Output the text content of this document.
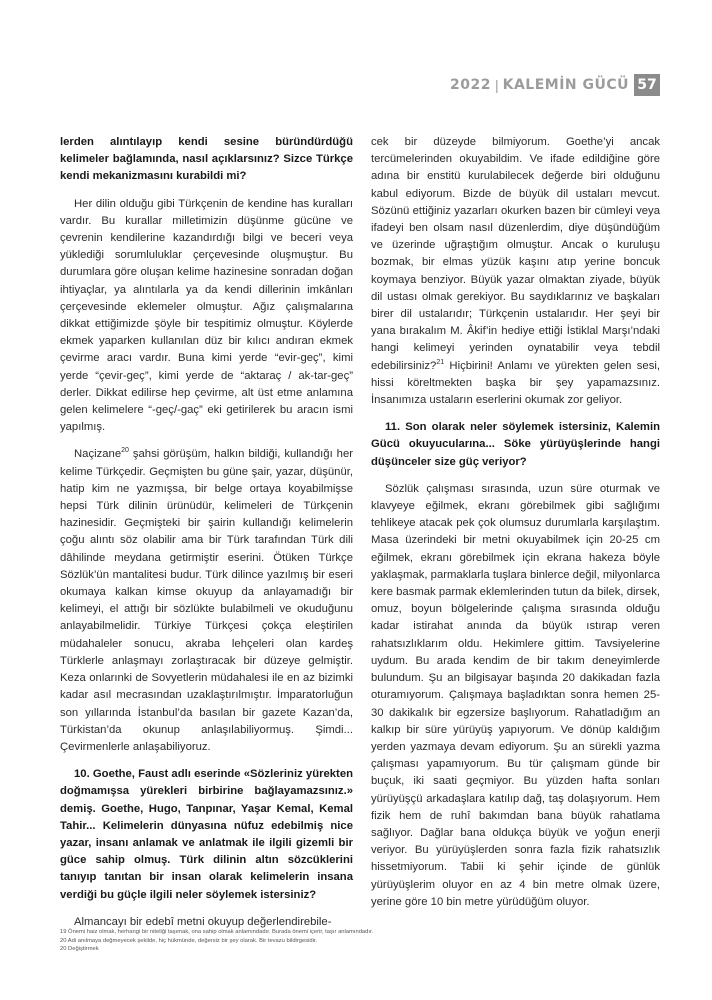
2022 | KALEMİN GÜCÜ 57

lerden alıntılayıp kendi sesine büründürdüğü kelimeler bağlamında, nasıl açıklarsınız? Sizce Türkçe kendi mekanizmasını kurabildi mi?

Her dilin olduğu gibi Türkçenin de kendine has kuralları vardır. Bu kurallar milletimizin düşünme gücüne ve çevrenin kendilerine kazandırdığı bilgi ve beceri veya yüklediği sorumluluklar çerçevesinde oluşmuştur. Bu durumlara göre oluşan kelime hazinesine sonradan doğan ihtiyaçlar, ya alıntılarla ya da kendi dillerinin imkânları çerçevesinde eklemeler olmuştur. Ağız çalışmalarına dikkat ettiğimizde şöyle bir tespitimiz olmuştur. Köylerde ekmek yaparken kullanılan düz bir kılıcı andıran ekmek çevirme aracı vardır. Buna kimi yerde “evir-geç”, kimi yerde “çevir-geç”, kimi yerde de “aktaraç / ak-tar-geç” derler. Dikkat edilirse hep çevirme, alt üst etme anlamına gelen kelimelere “-geç/-gaç” eki getirilerek bu aracın ismi yapılmış.

Naçizane$^{20}$ şahsi görüşüm, halkın bildiği, kullandığı her kelime Türkçedir. Geçmişten bu güne şair, yazar, düşünür, hatip kim ne yazmışsa, bir belge ortaya koyabilmişse hepsi Türk dilinin ürünüdür, kelimeleri de Türkçenin hazinesidir. Geçmişteki bir şairin kullandığı kelimelerin çoğu alıntı söz olabilir ama bir Türk tarafından Türk dili dâhilinde meydana getirmiştir eserini. Ötüken Türkçe Sözlük’ün mantalitesi budur. Türk dilince yazılmış bir eseri okumaya kalkan kimse okuyup da anlayamadığı bir kelimeyi, el attığı bir sözlükte bulabilmeli ve okuduğunu anlayabilmelidir. Türkiye Türkçesi çokça eleştirilen müdahaleler sonucu, akraba lehçeleri olan kardeş Türklerle anlaşmayı zorlaştıracak bir düzeye gelmiştir. Keza onlarınki de Sovyetlerin müdahalesi ile en az bizimki kadar asıl mecrasından uzaklaştırılmıştır. İmparatorluğun son yıllarında İstanbul’da basılan bir gazete Kazan’da, Türkistan’da okunup anlaşılabiliyormuş. Şimdi... Çevirmenlerle anlaşabiliyoruz.

10. Goethe, Faust adlı eserinde «Sözleriniz yürekten doğmamışsa yürekleri birbirine bağlayamazsınız.» demiş. Goethe, Hugo, Tanpınar, Yaşar Kemal, Kemal Tahir... Kelimelerin dünyasına nüfuz edebilmiş nice yazar, insanı anlamak ve anlatmak ile ilgili gizemli bir güce sahip olmuş. Türk dilinin altın sözcüklerini tanıyıp tanıtan bir insan olarak kelimelerin insana verdiği bu güçle ilgili neler söylemek istersiniz?

Almancayı bir edebî metni okuyup değerlendirebile-

cek bir düzeyde bilmiyorum. Goethe’yi ancak tercümelerinden okuyabildim. Ve ifade edildiğine göre adına bir enstitü kurulabilecek değerde biri olduğunu kabul ediyorum. Bizde de büyük dil ustaları mevcut. Sözünü ettiğiniz yazarları okurken bazen bir cümleyi veya ifadeyi ben olsam nasıl düzenlerdim, diye düşündüğüm ve üzerinde uğraştığım olmuştur. Ancak o kuruluşu bozmak, bir elmas yüzük kaşını atıp yerine boncuk koymaya benziyor. Büyük yazar olmaktan ziyade, büyük dil ustası olmak gerekiyor. Bu saydıklarınız ve başkaları birer dil ustalarıdır; Türkçenin ustalarıdır. Her şeyi bir yana bırakalım M. Âkif’in hediye ettiği İstiklal Marşı’ndaki hangi kelimeyi yerinden oynatabilir veya tebdil edebilirsiniz?$^{21}$ Hiçbirini! Anlamı ve yürekten gelen sesi, hissi köreltmekten başka bir şey yapamazsınız. İnsanımıza ustaların eserlerini okumak zor geliyor.

11. Son olarak neler söylemek istersiniz, Kalemin Gücü okuyucularına... Söke yürüyüşlerinde hangi düşünceler size güç veriyor?

Sözlük çalışması sırasında, uzun süre oturmak ve klavyeye eğilmek, ekranı görebilmek gibi sağlığımı tehlikeye atacak pek çok olumsuz durumlarla karşılaştım. Masa üzerindeki bir metni okuyabilmek için 20-25 cm eğilmek, ekranı görebilmek için ekrana hakeza böyle yaklaşmak, parmaklarla tuşlara binlerce değil, milyonlarca kere basmak parmak eklemlerinden tutun da bilek, dirsek, omuz, boyun bölgelerinde çalışma sırasında olduğu kadar istirahat anında da büyük ıstırap veren rahatsızlıklarım oldu. Hekimlere gittim. Tavsiyelerine uydum. Bu arada kendim de bir takım deneyimlerde bulundum. Şu an bilgisayar başında 20 dakikadan fazla oturamıyorum. Çalışmaya başladıktan sonra hemen 25-30 dakikalık bir egzersize başlıyorum. Rahatladığım an kalkıp bir süre yürüyüş yapıyorum. Ve dönüp kaldığım yerden yazmaya devam ediyorum. Şu an sürekli yazma çalışması yapamıyorum. Bu tür çalışmam günde bir buçuk, iki saati geçmiyor. Bu yüzden hafta sonları yürüyüşçü arkadaşlara katılıp dağ, taş dolaşıyorum. Hem fizik hem de ruhî bakımdan bana büyük rahatlama sağlıyor. Dağlar bana oldukça büyük ve yoğun enerji veriyor. Bu yürüyüşlerden sonra fazla fizik rahatsızlık hissetmiyorum. Tabii ki şehir içinde de günlük yürüyüşlerim oluyor en az 4 bin metre olmak üzere, yerine göre 10 bin metre yürüdüğüm oluyor.

19 Önemi haiz olmak, herhangi bir niteliği taşımak, ona sahip olmak anlamındadır. Burada önemi içerir, taşır anlamındadır.
20 Adi anılmaya değmeyecek şekilde, hiç hükmünde, değersiz bir şey olarak. Bir tevazu bildirgesidir.
20 Değiştirmek
